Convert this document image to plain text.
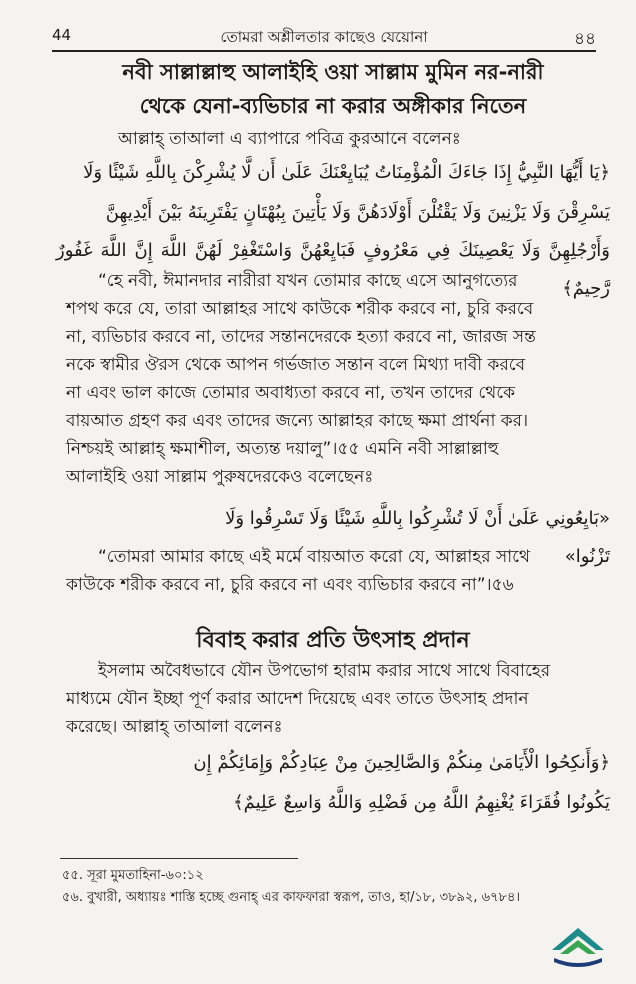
44	তোমরা অশ্লীলতার কাছেও যেয়োনা	৪৪
নবী সাল্লাল্লাহু আলাইহি ওয়া সাল্লাম মুমিন নর-নারী
থেকে যেনা-ব্যভিচার না করার অঙ্গীকার নিতেন
আল্লাহ্‌ তাআলা এ ব্যাপারে পবিত্র কুরআনে বলেনঃ
﴿يَا أَيُّهَا النَّبِيُّ إِذَا جَاءَكَ الْمُؤْمِنَاتُ يُبَايِعْنَكَ عَلَىٰ أَن لَّا يُشْرِكْنَ بِاللَّهِ شَيْئًا وَلَا
يَسْرِقْنَ وَلَا يَزْنِينَ وَلَا يَقْتُلْنَ أَوْلَادَهُنَّ وَلَا يَأْتِينَ بِبُهْتَانٍ يَفْتَرِينَهُ بَيْنَ أَيْدِيهِنَّ
وَأَرْجُلِهِنَّ وَلَا يَعْصِينَكَ فِي مَعْرُوفٍ فَبَايِعْهُنَّ وَاسْتَغْفِرْ لَهُنَّ اللَّهَ إِنَّ اللَّهَ غَفُورٌ رَّحِيمٌ﴾
“হে নবী, ঈমানদার নারীরা যখন তোমার কাছে এসে আনুগত্যের
শপথ করে যে, তারা আল্লাহর সাথে কাউকে শরীক করবে না, চুরি করবে
না, ব্যভিচার করবে না, তাদের সন্তানদেরকে হত্যা করবে না, জারজ সন্ত
নকে স্বামীর ঔরস থেকে আপন গর্ভজাত সন্তান বলে মিথ্যা দাবী করবে
না এবং ভাল কাজে তোমার অবাধ্যতা করবে না, তখন তাদের থেকে
বায়আত গ্রহণ কর এবং তাদের জন্যে আল্লাহর কাছে ক্ষমা প্রার্থনা কর।
নিশ্চয়ই আল্লাহ্‌ ক্ষমাশীল, অত্যন্ত দয়ালু”।৫৫ এমনি নবী সাল্লাল্লাহু
আলাইহি ওয়া সাল্লাম পুরুষদেরকেও বলেছেনঃ
«بَايِعُونِي عَلَىٰ أَنْ لَا تُشْرِكُوا بِاللَّهِ شَيْئًا وَلَا تَسْرِقُوا وَلَا تَزْنُوا»
“তোমরা আমার কাছে এই মর্মে বায়আত করো যে, আল্লাহর সাথে
কাউকে শরীক করবে না, চুরি করবে না এবং ব্যভিচার করবে না”।৫৬
বিবাহ করার প্রতি উৎসাহ প্রদান
ইসলাম অবৈধভাবে যৌন উপভোগ হারাম করার সাথে সাথে বিবাহের
মাধ্যমে যৌন ইচ্ছা পূর্ণ করার আদেশ দিয়েছে এবং তাতে উৎসাহ প্রদান
করেছে। আল্লাহ্‌ তাআলা বলেনঃ
﴿وَأَنكِحُوا الْأَيَامَىٰ مِنكُمْ وَالصَّالِحِينَ مِنْ عِبَادِكُمْ وَإِمَائِكُمْ إِن
يَكُونُوا فُقَرَاءَ يُغْنِهِمُ اللَّهُ مِن فَضْلِهِ وَاللَّهُ وَاسِعٌ عَلِيمٌ﴾
৫৫. সূরা মুমতাহিনা-৬০:১২
৫৬. বুখারী, অধ্যায়ঃ শাস্তি হচ্ছে গুনাহ্‌ এর কাফফারা স্বরূপ, তাও, হা/১৮, ৩৮৯২, ৬৭৮৪।
